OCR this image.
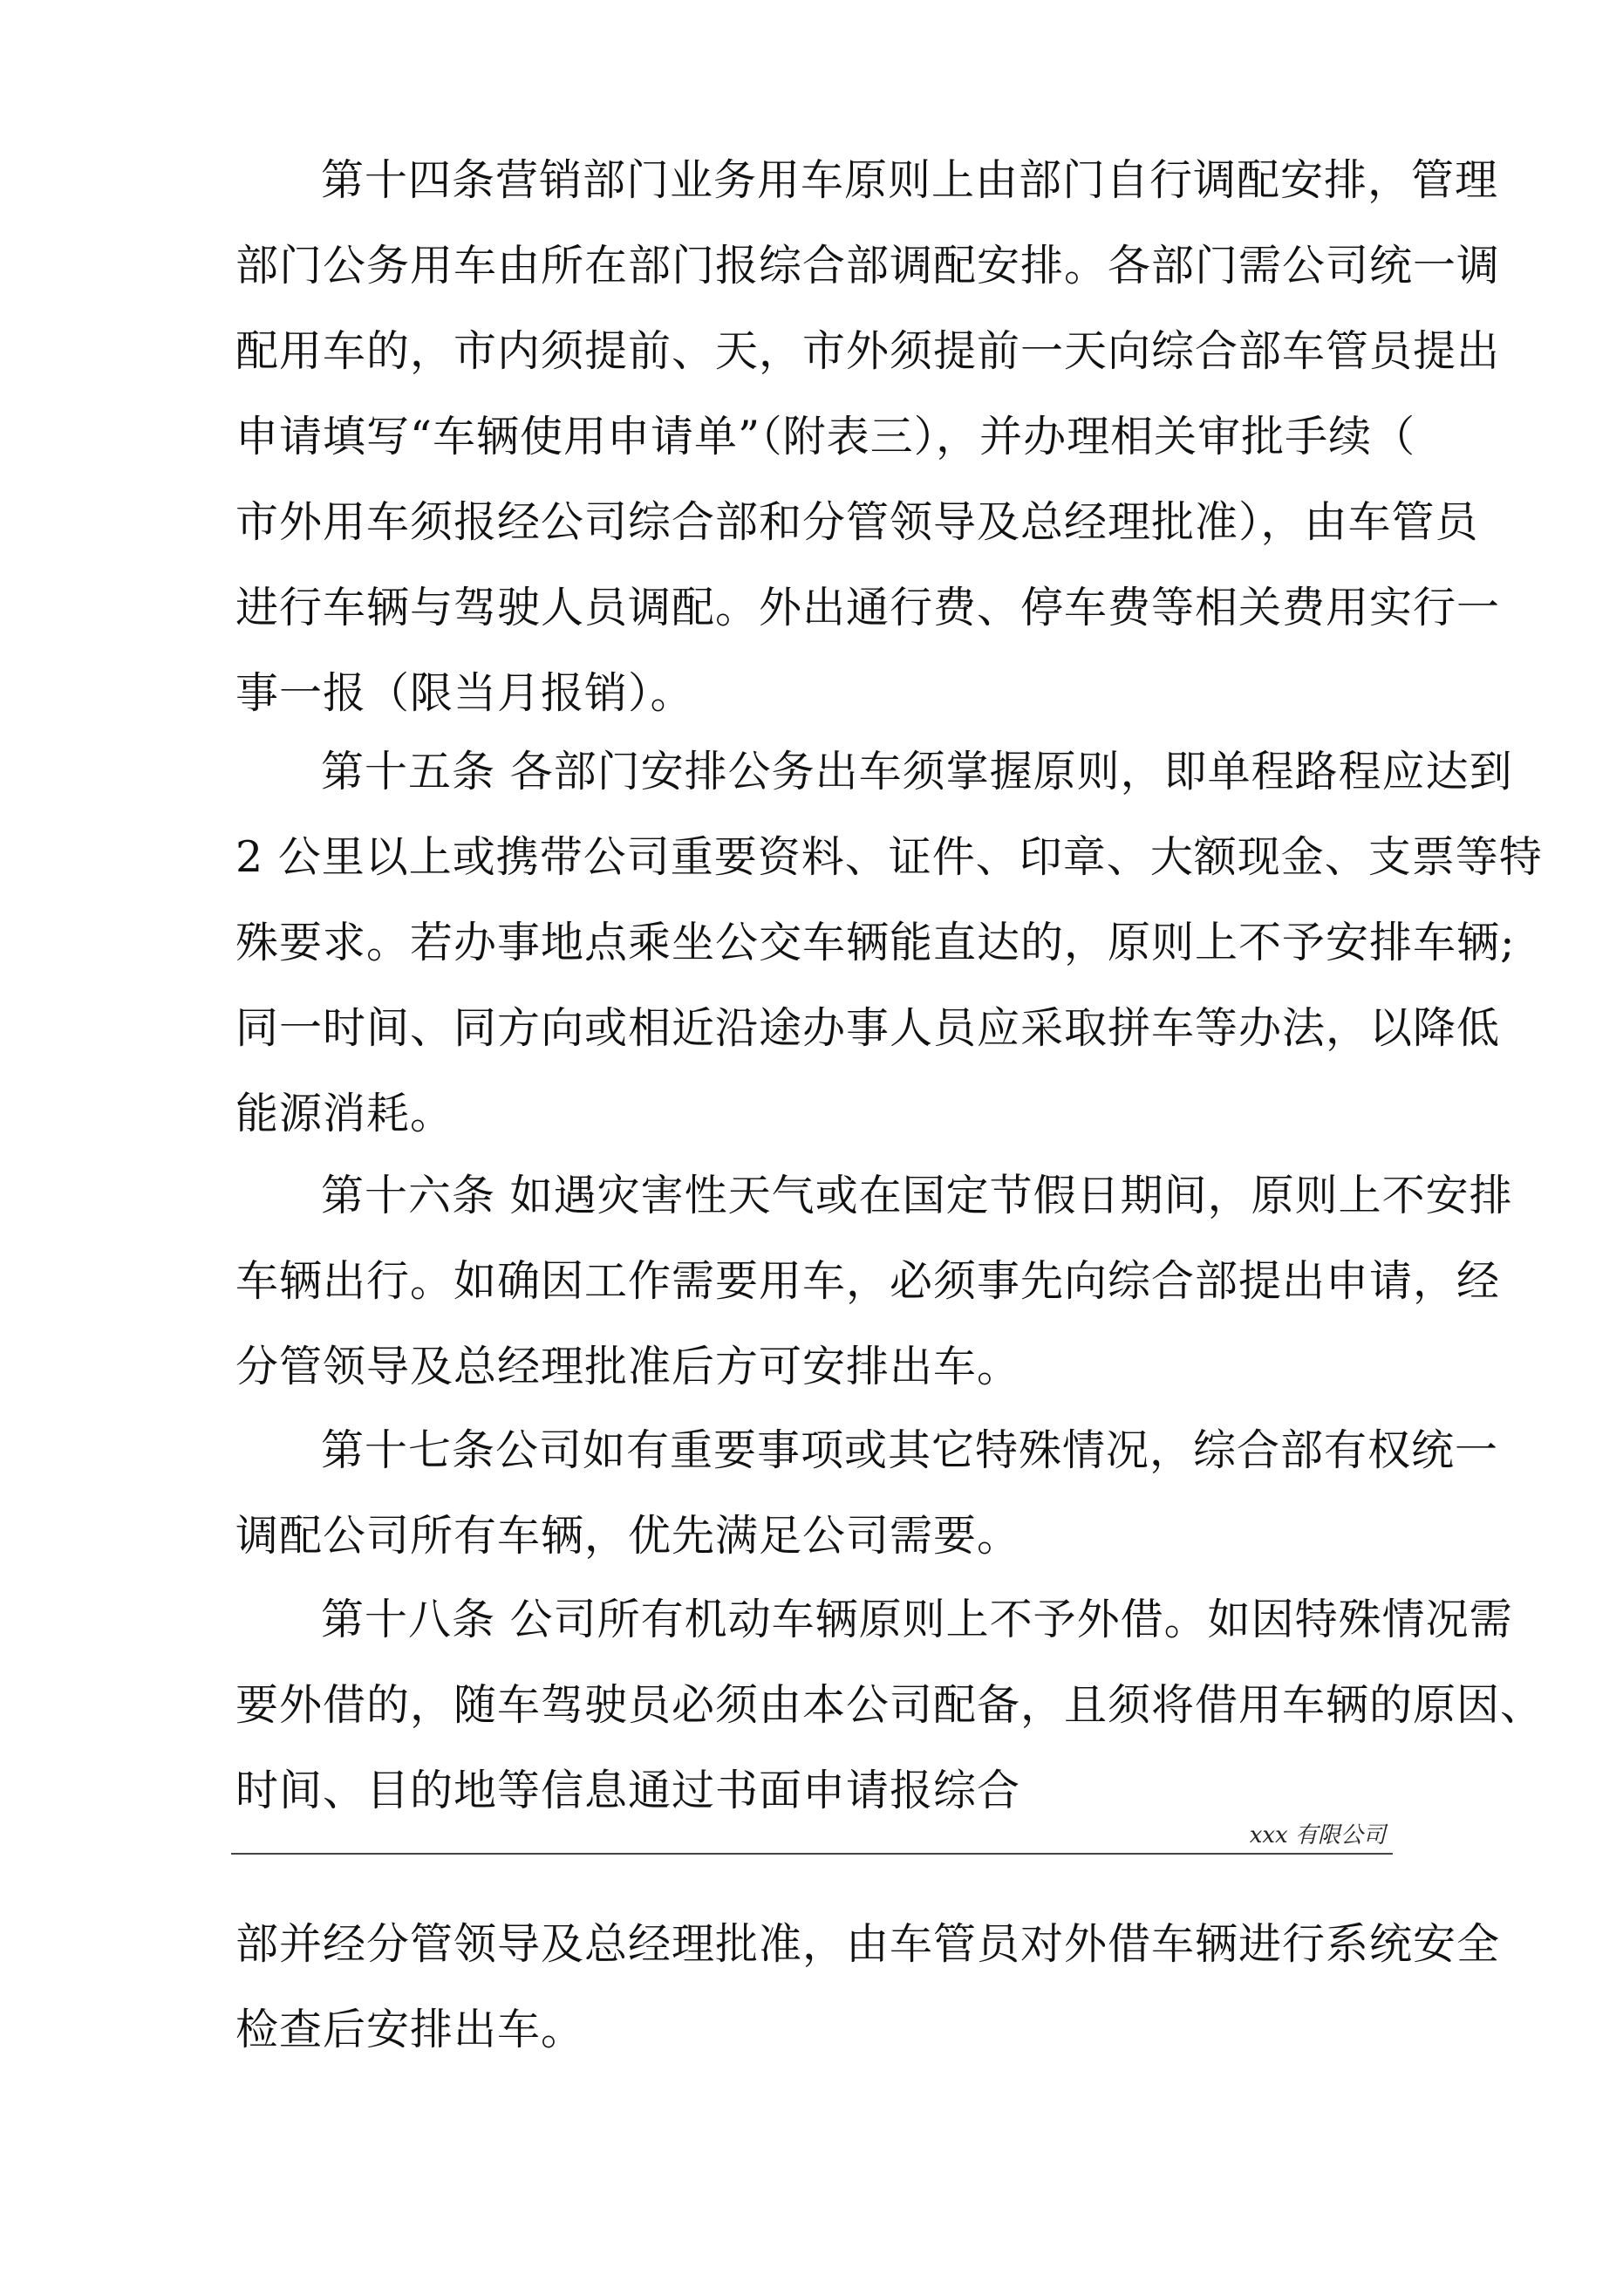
第十四条营销部门业务用车原则上由部门自行调配安排，管理
部门公务用车由所在部门报综合部调配安排。各部门需公司统一调
配用车的，市内须提前、天，市外须提前一天向综合部车管员提出
申请填写“车辆使用申请单”（附表三），并办理相关审批手续（
市外用车须报经公司综合部和分管领导及总经理批准），由车管员
进行车辆与驾驶人员调配。外出通行费、停车费等相关费用实行一
事一报（限当月报销）。
第十五条 各部门安排公务出车须掌握原则，即单程路程应达到
2 公里以上或携带公司重要资料、证件、印章、大额现金、支票等特
殊要求。若办事地点乘坐公交车辆能直达的，原则上不予安排车辆;
同一时间、同方向或相近沿途办事人员应采取拼车等办法，以降低
能源消耗。
第十六条 如遇灾害性天气或在国定节假日期间，原则上不安排
车辆出行。如确因工作需要用车，必须事先向综合部提出申请，经
分管领导及总经理批准后方可安排出车。
第十七条公司如有重要事项或其它特殊情况，综合部有权统一
调配公司所有车辆，优先满足公司需要。
第十八条 公司所有机动车辆原则上不予外借。如因特殊情况需
要外借的，随车驾驶员必须由本公司配备，且须将借用车辆的原因、
时间、目的地等信息通过书面申请报综合
xxx 有限公司
部并经分管领导及总经理批准，由车管员对外借车辆进行系统安全
检查后安排出车。
